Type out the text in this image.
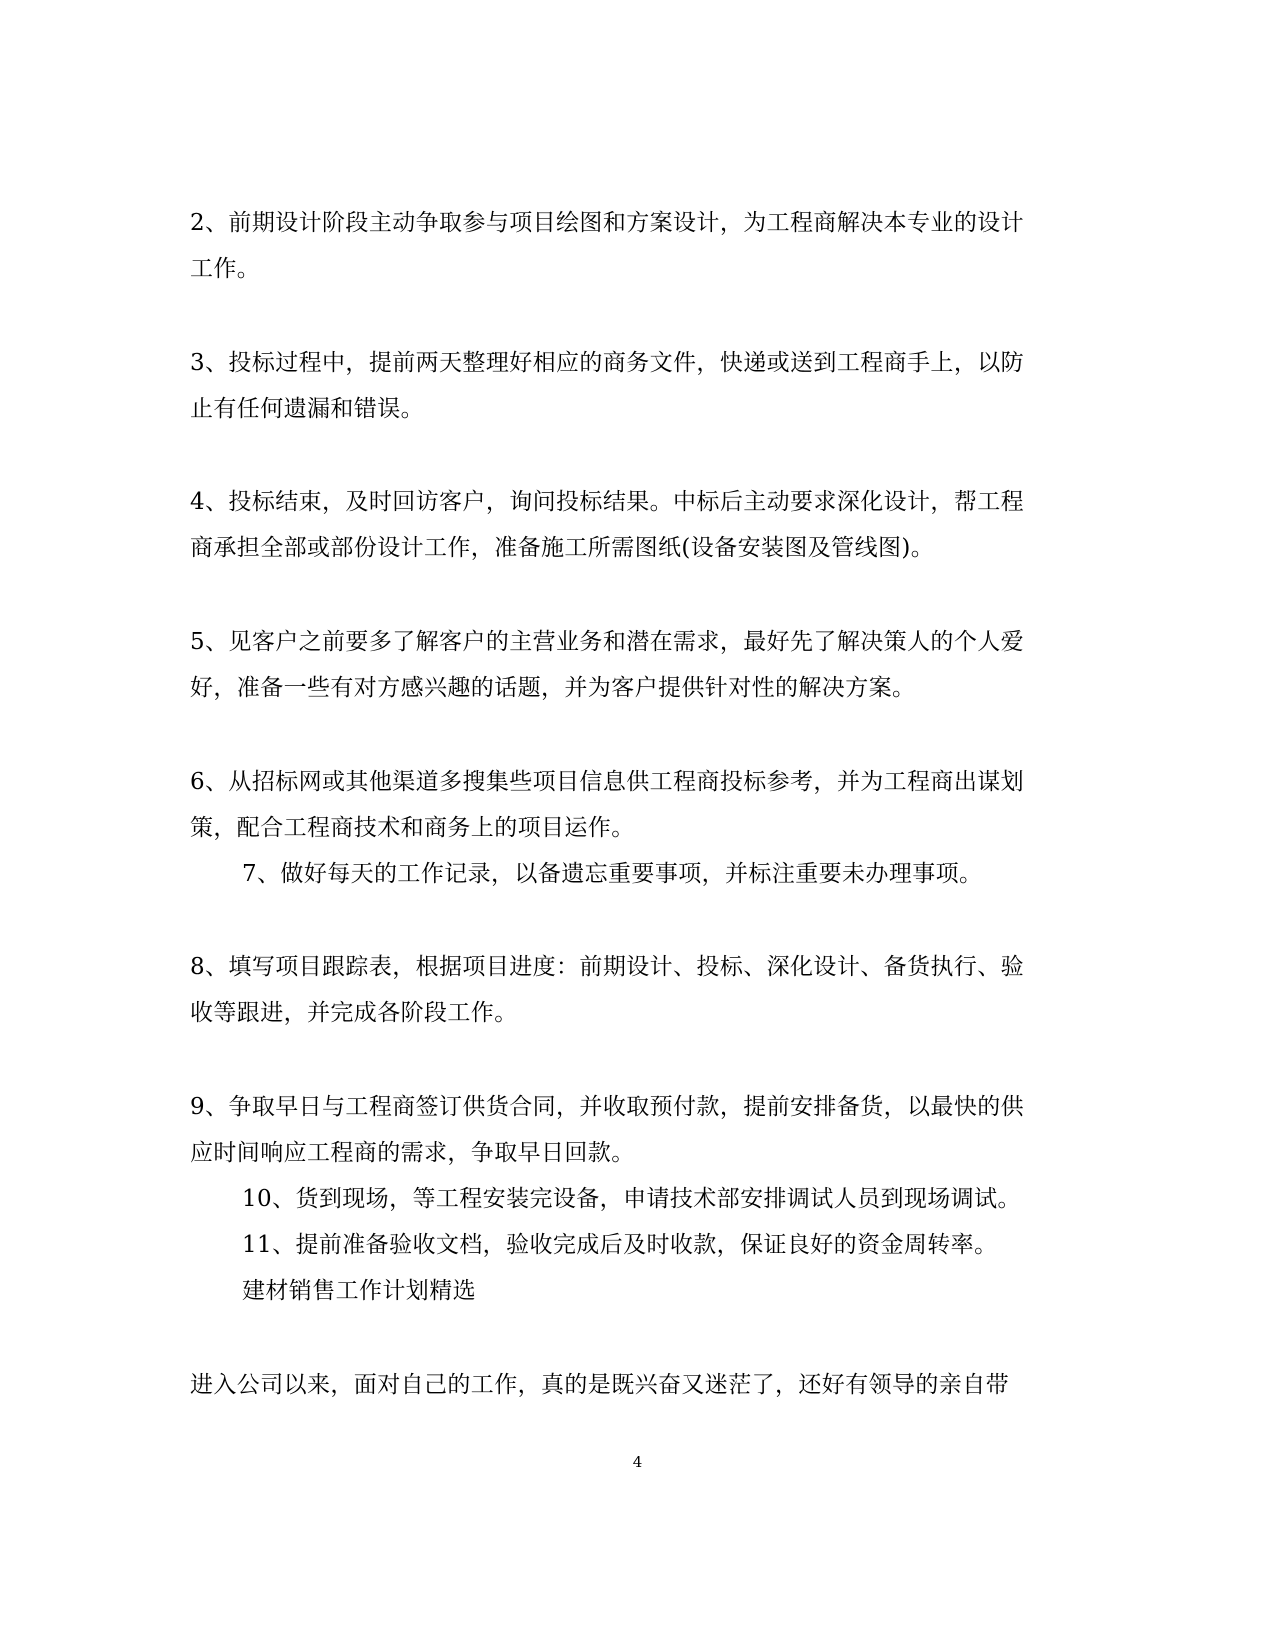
2、前期设计阶段主动争取参与项目绘图和方案设计，为工程商解决本专业的设计
工作。
3、投标过程中，提前两天整理好相应的商务文件，快递或送到工程商手上，以防
止有任何遗漏和错误。
4、投标结束，及时回访客户，询问投标结果。中标后主动要求深化设计，帮工程
商承担全部或部份设计工作，准备施工所需图纸(设备安装图及管线图)。
5、见客户之前要多了解客户的主营业务和潜在需求，最好先了解决策人的个人爱
好，准备一些有对方感兴趣的话题，并为客户提供针对性的解决方案。
6、从招标网或其他渠道多搜集些项目信息供工程商投标参考，并为工程商出谋划
策，配合工程商技术和商务上的项目运作。
7、做好每天的工作记录，以备遗忘重要事项，并标注重要未办理事项。
8、填写项目跟踪表，根据项目进度：前期设计、投标、深化设计、备货执行、验
收等跟进，并完成各阶段工作。
9、争取早日与工程商签订供货合同，并收取预付款，提前安排备货，以最快的供
应时间响应工程商的需求，争取早日回款。
10、货到现场，等工程安装完设备，申请技术部安排调试人员到现场调试。
11、提前准备验收文档，验收完成后及时收款，保证良好的资金周转率。
建材销售工作计划精选
进入公司以来，面对自己的工作，真的是既兴奋又迷茫了，还好有领导的亲自带
4
